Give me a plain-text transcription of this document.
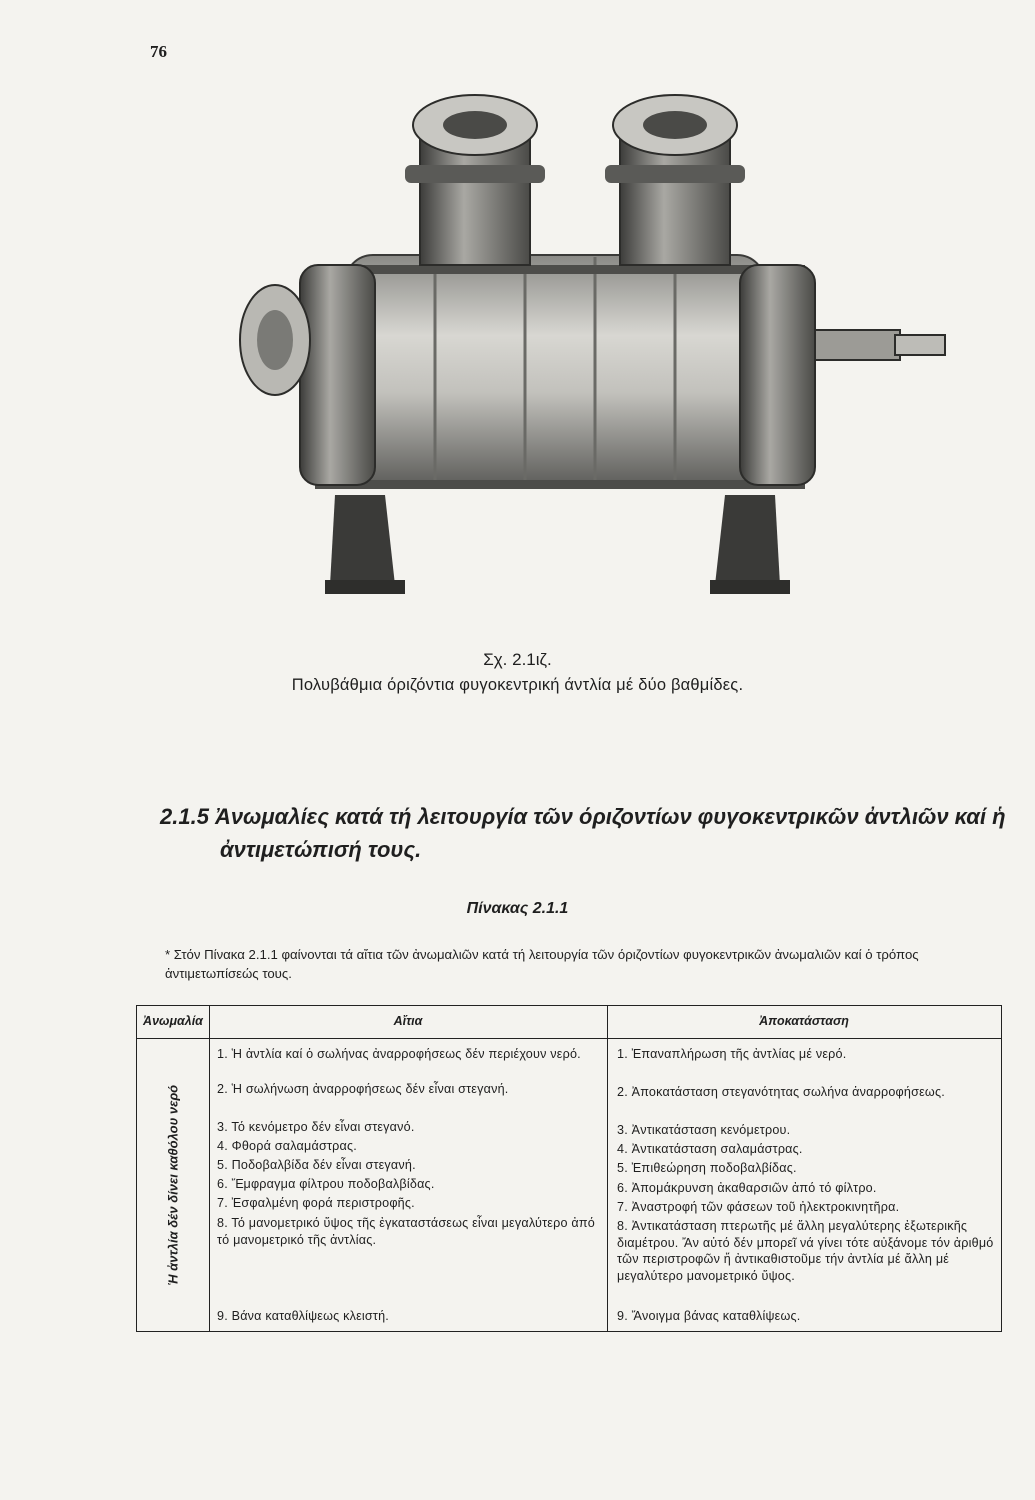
76
Σχ. 2.1ιζ.
Πολυβάθμια όριζόντια φυγοκεντρική άντλία μέ δύο βαθμίδες.
2.1.5 Ἀνωμαλίες κατά τή λειτουργία τῶν όριζοντίων φυγοκεντρικῶν ἀντλιῶν καί ἡ
ἀντιμετώπισή τους.
Πίνακας 2.1.1
* Στόν Πίνακα 2.1.1 φαίνονται τά αἴτια τῶν ἀνωμαλιῶν κατά τή λειτουργία τῶν όριζοντίων φυγοκεντρικῶν ἀνωμαλιῶν καί ὁ τρόπος ἀντιμετωπίσεώς τους.
Ἀνωμαλία	Αἴτια	Ἀποκατάσταση
Ἡ ἀντλία δέν δίνει καθόλου νερό
1. Ἡ ἀντλία καί ὁ σωλήνας ἀναρροφήσεως δέν περιέχουν νερό.
2. Ἡ σωλήνωση ἀναρροφήσεως δέν εἶναι στεγανή.
3. Τό κενόμετρο δέν εἶναι στεγανό.
4. Φθορά σαλαμάστρας.
5. Ποδοβαλβίδα δέν εἶναι στεγανή.
6. Ἔμφραγμα φίλτρου ποδοβαλβίδας.
7. Ἐσφαλμένη φορά περιστροφῆς.
8. Τό μανομετρικό ὕψος τῆς ἐγκαταστάσεως εἶναι μεγαλύτερο ἀπό τό μανομετρικό τῆς ἀντλίας.
9. Βάνα καταθλίψεως κλειστή.
1. Ἐπαναπλήρωση τῆς ἀντλίας μέ νερό.
2. Ἀποκατάσταση στεγανότητας σωλήνα ἀναρροφήσεως.
3. Ἀντικατάσταση κενόμετρου.
4. Ἀντικατάσταση σαλαμάστρας.
5. Ἐπιθεώρηση ποδοβαλβίδας.
6. Ἀπομάκρυνση ἀκαθαρσιῶν ἀπό τό φίλτρο.
7. Ἀναστροφή τῶν φάσεων τοῦ ἠλεκτροκινητῆρα.
8. Ἀντικατάσταση πτερωτῆς μέ ἄλλη μεγαλύτερης ἐξωτερικῆς διαμέτρου. Ἄν αὐτό δέν μπορεῖ νά γίνει τότε αὐξάνομε τόν ἀριθμό τῶν περιστροφῶν ἤ ἀντικαθιστοῦμε τήν ἀντλία μέ ἄλλη μέ μεγαλύτερο μανομετρικό ὕψος.
9. Ἄνοιγμα βάνας καταθλίψεως.
